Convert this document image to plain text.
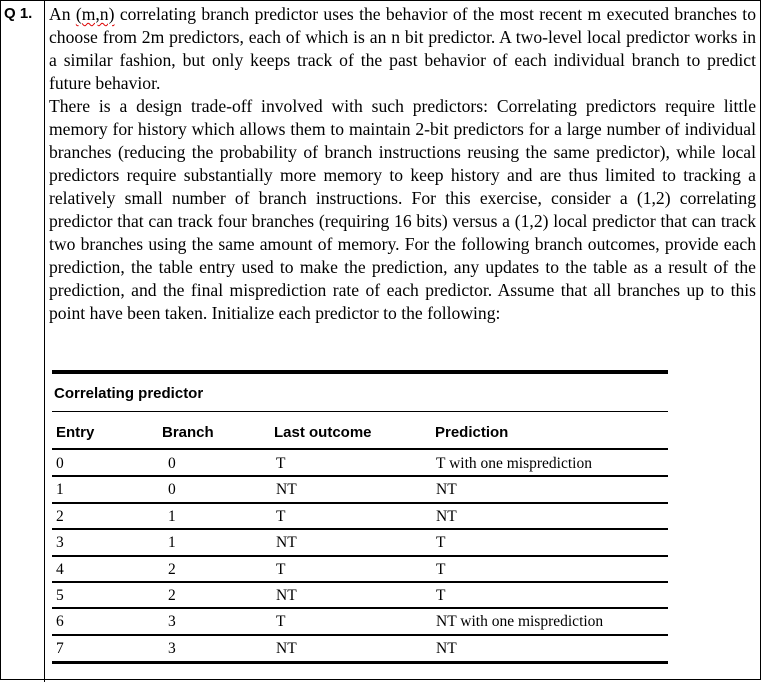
Q 1. An (m,n) correlating branch predictor uses the behavior of the most recent m executed branches to choose from 2m predictors, each of which is an n bit predictor. A two-level local predictor works in a similar fashion, but only keeps track of the past behavior of each individual branch to predict future behavior.

There is a design trade-off involved with such predictors: Correlating predictors require little memory for history which allows them to maintain 2-bit predictors for a large number of individual branches (reducing the probability of branch instructions reusing the same predictor), while local predictors require substantially more memory to keep history and are thus limited to tracking a relatively small number of branch instructions. For this exercise, consider a (1,2) correlating predictor that can track four branches (requiring 16 bits) versus a (1,2) local predictor that can track two branches using the same amount of memory. For the following branch outcomes, provide each prediction, the table entry used to make the prediction, any updates to the table as a result of the prediction, and the final misprediction rate of each predictor. Assume that all branches up to this point have been taken. Initialize each predictor to the following:

Correlating predictor
Entry	Branch	Last outcome	Prediction
0	0	T	T with one misprediction
1	0	NT	NT
2	1	T	NT
3	1	NT	T
4	2	T	T
5	2	NT	T
6	3	T	NT with one misprediction
7	3	NT	NT
